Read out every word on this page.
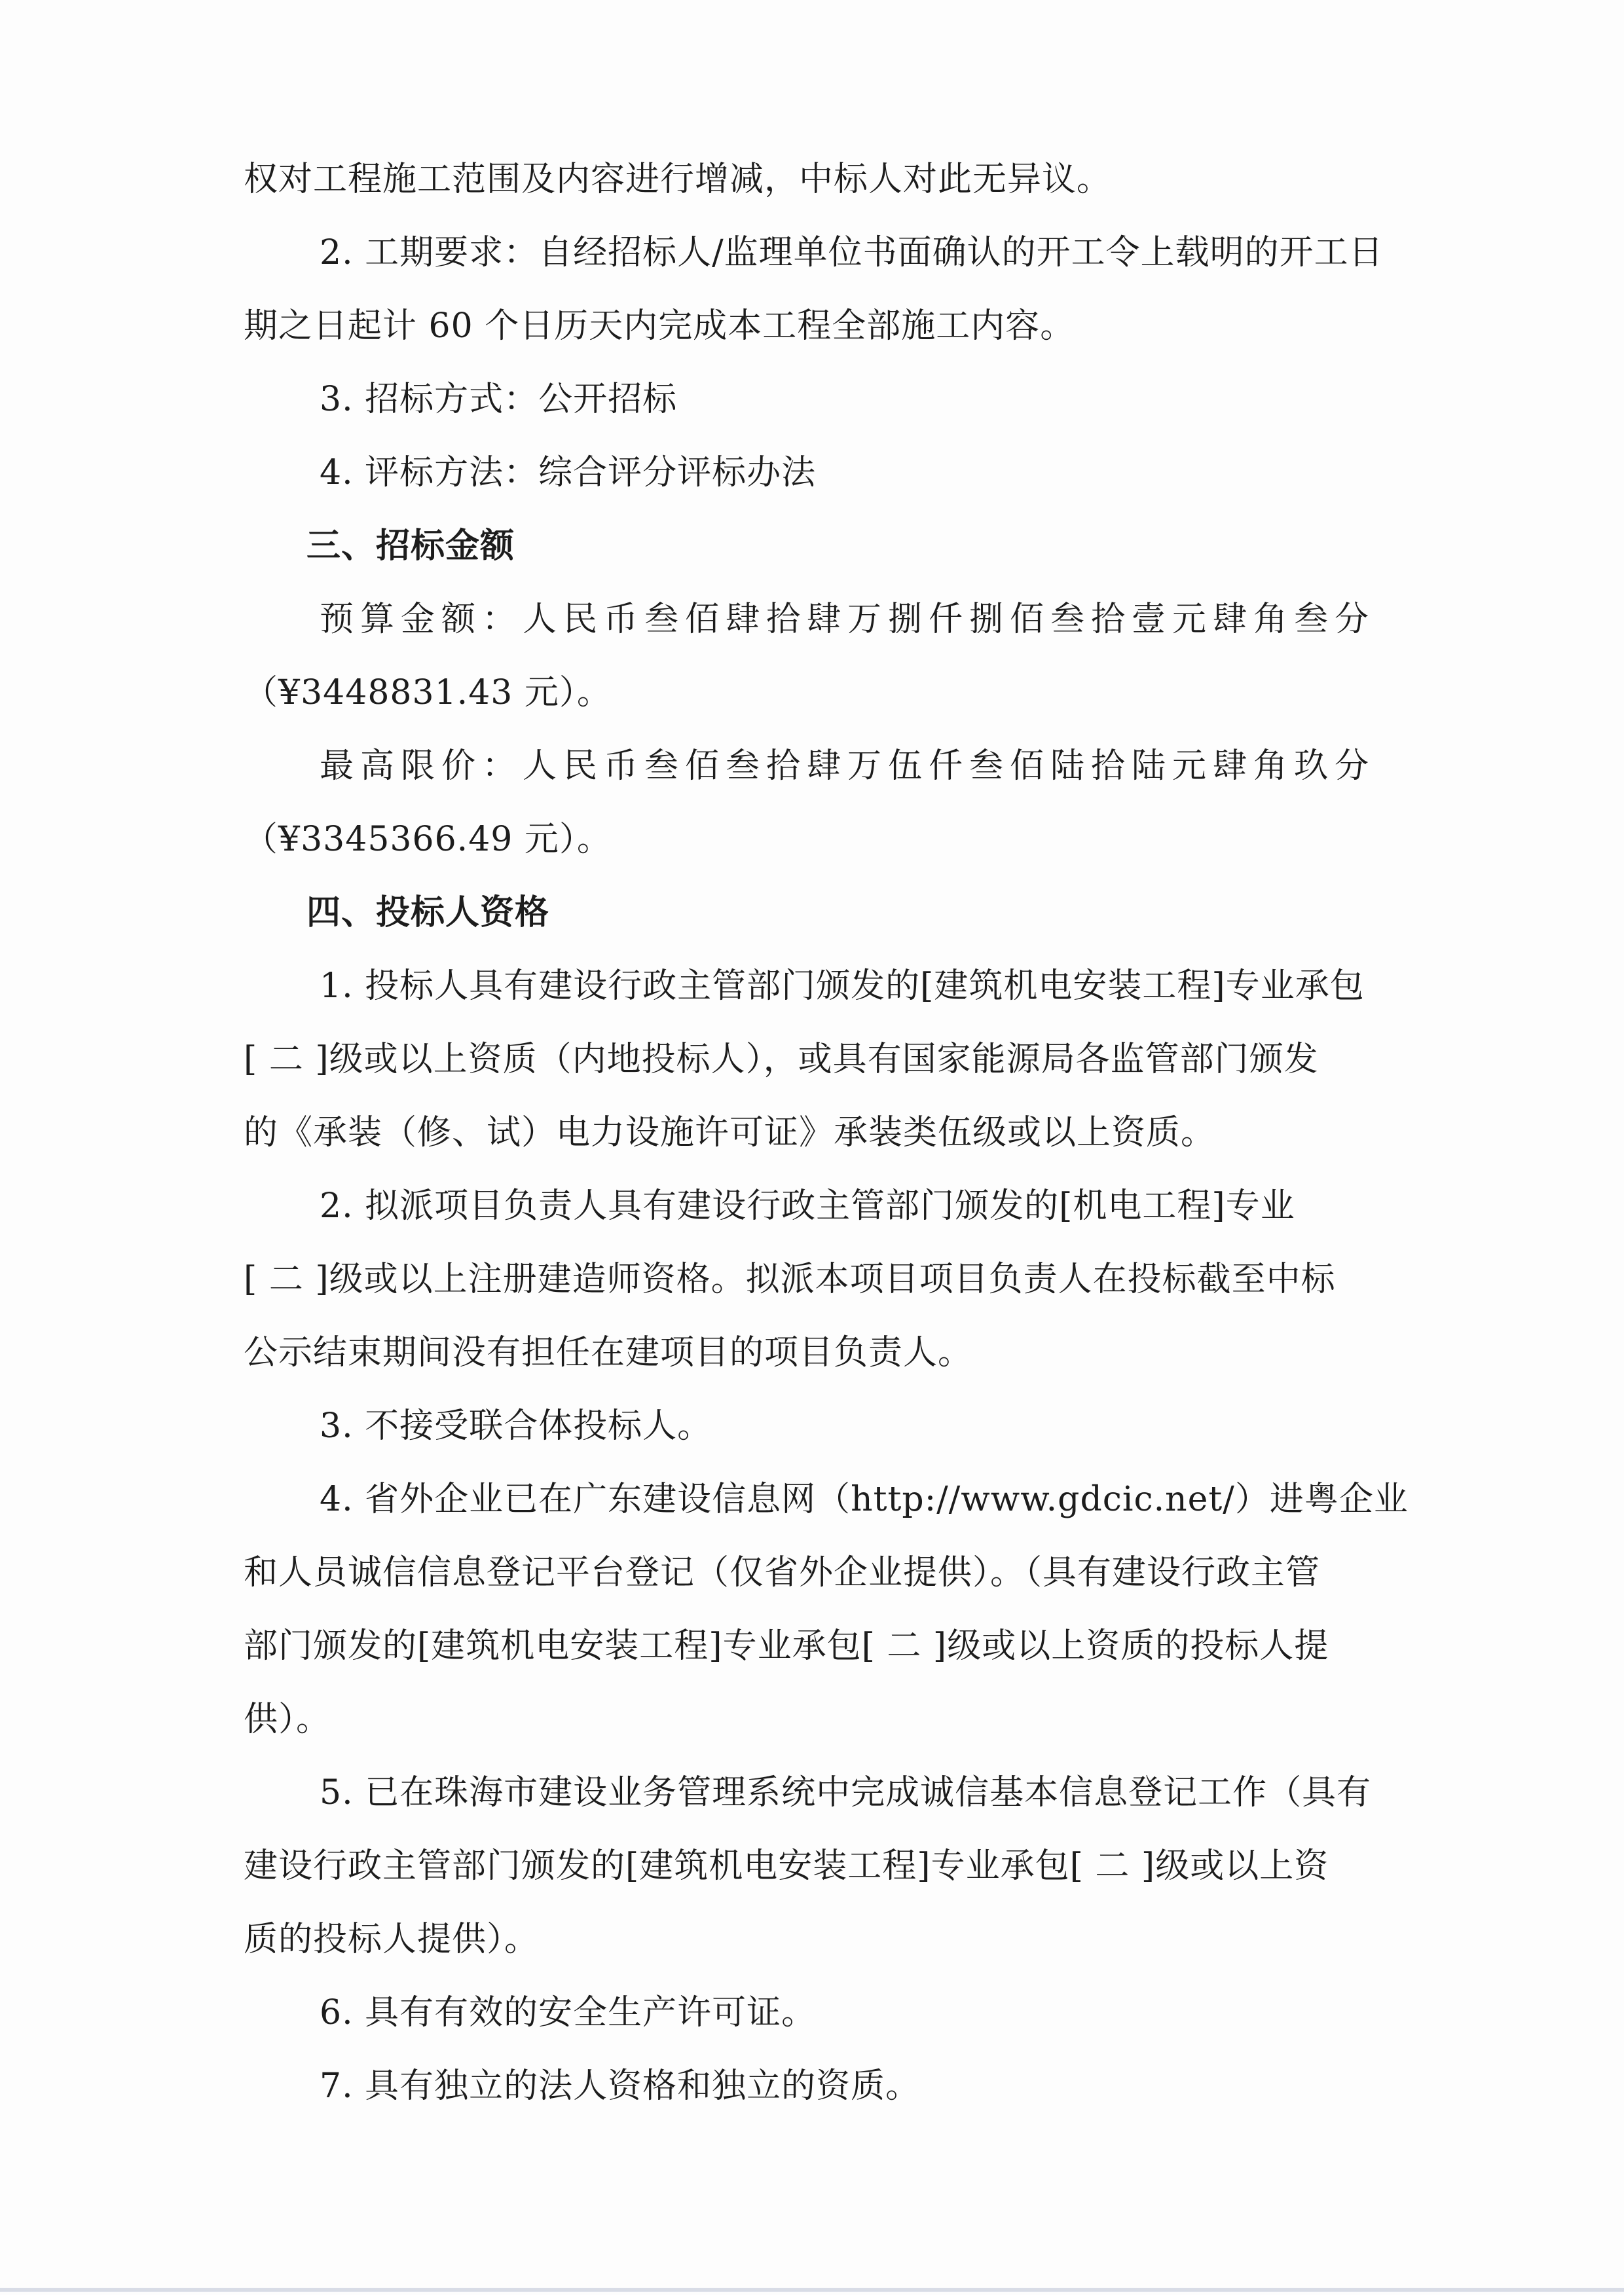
权对工程施工范围及内容进行增减，中标人对此无异议。
2. 工期要求：自经招标人/监理单位书面确认的开工令上载明的开工日
期之日起计 60 个日历天内完成本工程全部施工内容。
3. 招标方式：公开招标
4. 评标方法：综合评分评标办法
三、招标金额
预算金额：人民币叁佰肆拾肆万捌仟捌佰叁拾壹元肆角叁分
（¥3448831.43 元）。
最高限价：人民币叁佰叁拾肆万伍仟叁佰陆拾陆元肆角玖分
（¥3345366.49 元）。
四、投标人资格
1. 投标人具有建设行政主管部门颁发的[建筑机电安装工程]专业承包
[ 二 ]级或以上资质（内地投标人），或具有国家能源局各监管部门颁发
的《承装（修、试）电力设施许可证》承装类伍级或以上资质。
2. 拟派项目负责人具有建设行政主管部门颁发的[机电工程]专业
[ 二 ]级或以上注册建造师资格。拟派本项目项目负责人在投标截至中标
公示结束期间没有担任在建项目的项目负责人。
3. 不接受联合体投标人。
4. 省外企业已在广东建设信息网（http://www.gdcic.net/）进粤企业
和人员诚信信息登记平台登记（仅省外企业提供）。（具有建设行政主管
部门颁发的[建筑机电安装工程]专业承包[ 二 ]级或以上资质的投标人提
供）。
5. 已在珠海市建设业务管理系统中完成诚信基本信息登记工作（具有
建设行政主管部门颁发的[建筑机电安装工程]专业承包[ 二 ]级或以上资
质的投标人提供）。
6. 具有有效的安全生产许可证。
7. 具有独立的法人资格和独立的资质。
